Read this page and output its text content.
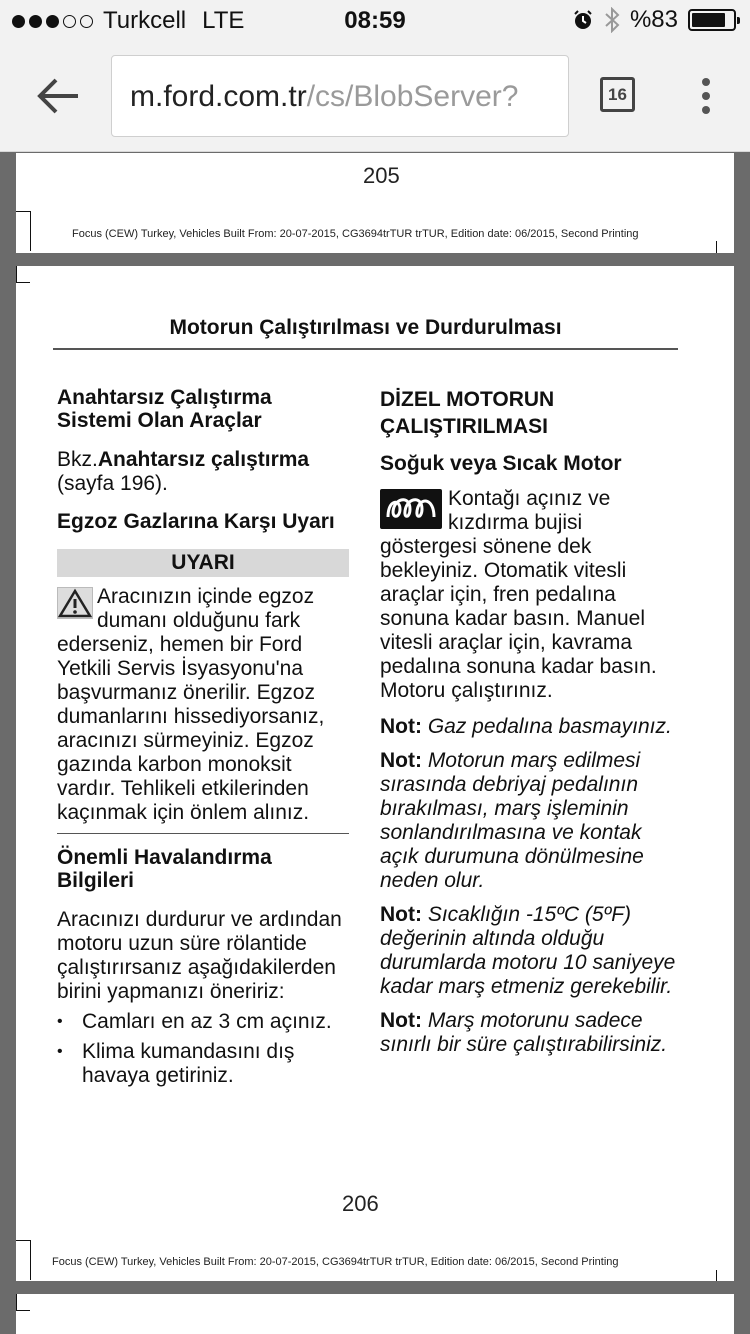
Turkcell LTE	08:59	%83
m.ford.com.tr/cs/BlobServer?	16
205
Focus (CEW) Turkey, Vehicles Built From: 20-07-2015, CG3694trTUR trTUR, Edition date: 06/2015, Second Printing
Motorun Çalıştırılması ve Durdurulması
Anahtarsız Çalıştırma Sistemi Olan Araçlar
Bkz.Anahtarsız çalıştırma (sayfa 196).
Egzoz Gazlarına Karşı Uyarı
UYARI
Aracınızın içinde egzoz dumanı olduğunu fark ederseniz, hemen bir Ford Yetkili Servis İsyasyonu'na başvurmanız önerilir. Egzoz dumanlarını hissediyorsanız, aracınızı sürmeyiniz. Egzoz gazında karbon monoksit vardır. Tehlikeli etkilerinden kaçınmak için önlem alınız.
Önemli Havalandırma Bilgileri
Aracınızı durdurur ve ardından motoru uzun süre rölantide çalıştırırsanız aşağıdakilerden birini yapmanızı öneririz:
• Camları en az 3 cm açınız.
• Klima kumandasını dış havaya getiriniz.
DİZEL MOTORUN ÇALIŞTIRILMASI
Soğuk veya Sıcak Motor
Kontağı açınız ve kızdırma bujisi göstergesi sönene dek bekleyiniz. Otomatik vitesli araçlar için, fren pedalına sonuna kadar basın. Manuel vitesli araçlar için, kavrama pedalına sonuna kadar basın. Motoru çalıştırınız.
Not: Gaz pedalına basmayınız.
Not: Motorun marş edilmesi sırasında debriyaj pedalının bırakılması, marş işleminin sonlandırılmasına ve kontak açık durumuna dönülmesine neden olur.
Not: Sıcaklığın -15ºC (5ºF) değerinin altında olduğu durumlarda motoru 10 saniyeye kadar marş etmeniz gerekebilir.
Not: Marş motorunu sadece sınırlı bir süre çalıştırabilirsiniz.
206
Focus (CEW) Turkey, Vehicles Built From: 20-07-2015, CG3694trTUR trTUR, Edition date: 06/2015, Second Printing
